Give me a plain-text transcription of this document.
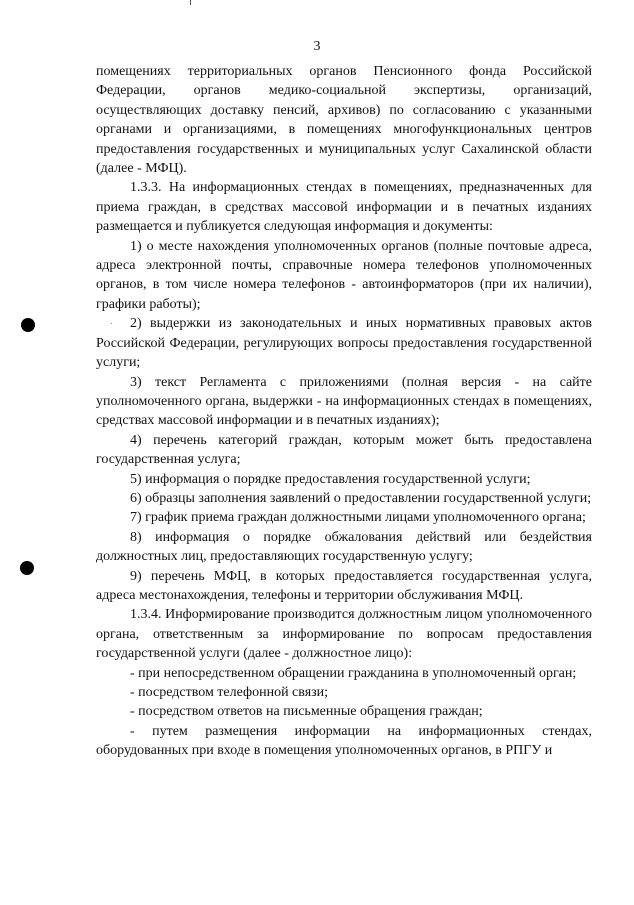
3

помещениях территориальных органов Пенсионного фонда Российской Федерации, органов медико-социальной экспертизы, организаций, осуществляющих доставку пенсий, архивов) по согласованию с указанными органами и организациями, в помещениях многофункциональных центров предоставления государственных и муниципальных услуг Сахалинской области (далее - МФЦ).

1.3.3. На информационных стендах в помещениях, предназначенных для приема граждан, в средствах массовой информации и в печатных изданиях размещается и публикуется следующая информация и документы:

1) о месте нахождения уполномоченных органов (полные почтовые адреса, адреса электронной почты, справочные номера телефонов уполномоченных органов, в том числе номера телефонов - автоинформаторов (при их наличии), графики работы);

2) выдержки из законодательных и иных нормативных правовых актов Российской Федерации, регулирующих вопросы предоставления государственной услуги;

3) текст Регламента с приложениями (полная версия - на сайте уполномоченного органа, выдержки - на информационных стендах в помещениях, средствах массовой информации и в печатных изданиях);

4) перечень категорий граждан, которым может быть предоставлена государственная услуга;

5) информация о порядке предоставления государственной услуги;

6) образцы заполнения заявлений о предоставлении государственной услуги;

7) график приема граждан должностными лицами уполномоченного органа;

8) информация о порядке обжалования действий или бездействия должностных лиц, предоставляющих государственную услугу;

9) перечень МФЦ, в которых предоставляется государственная услуга, адреса местонахождения, телефоны и территории обслуживания МФЦ.

1.3.4. Информирование производится должностным лицом уполномоченного органа, ответственным за информирование по вопросам предоставления государственной услуги (далее - должностное лицо):

- при непосредственном обращении гражданина в уполномоченный орган;

- посредством телефонной связи;

- посредством ответов на письменные обращения граждан;

- путем размещения информации на информационных стендах, оборудованных при входе в помещения уполномоченных органов, в РПГУ и
